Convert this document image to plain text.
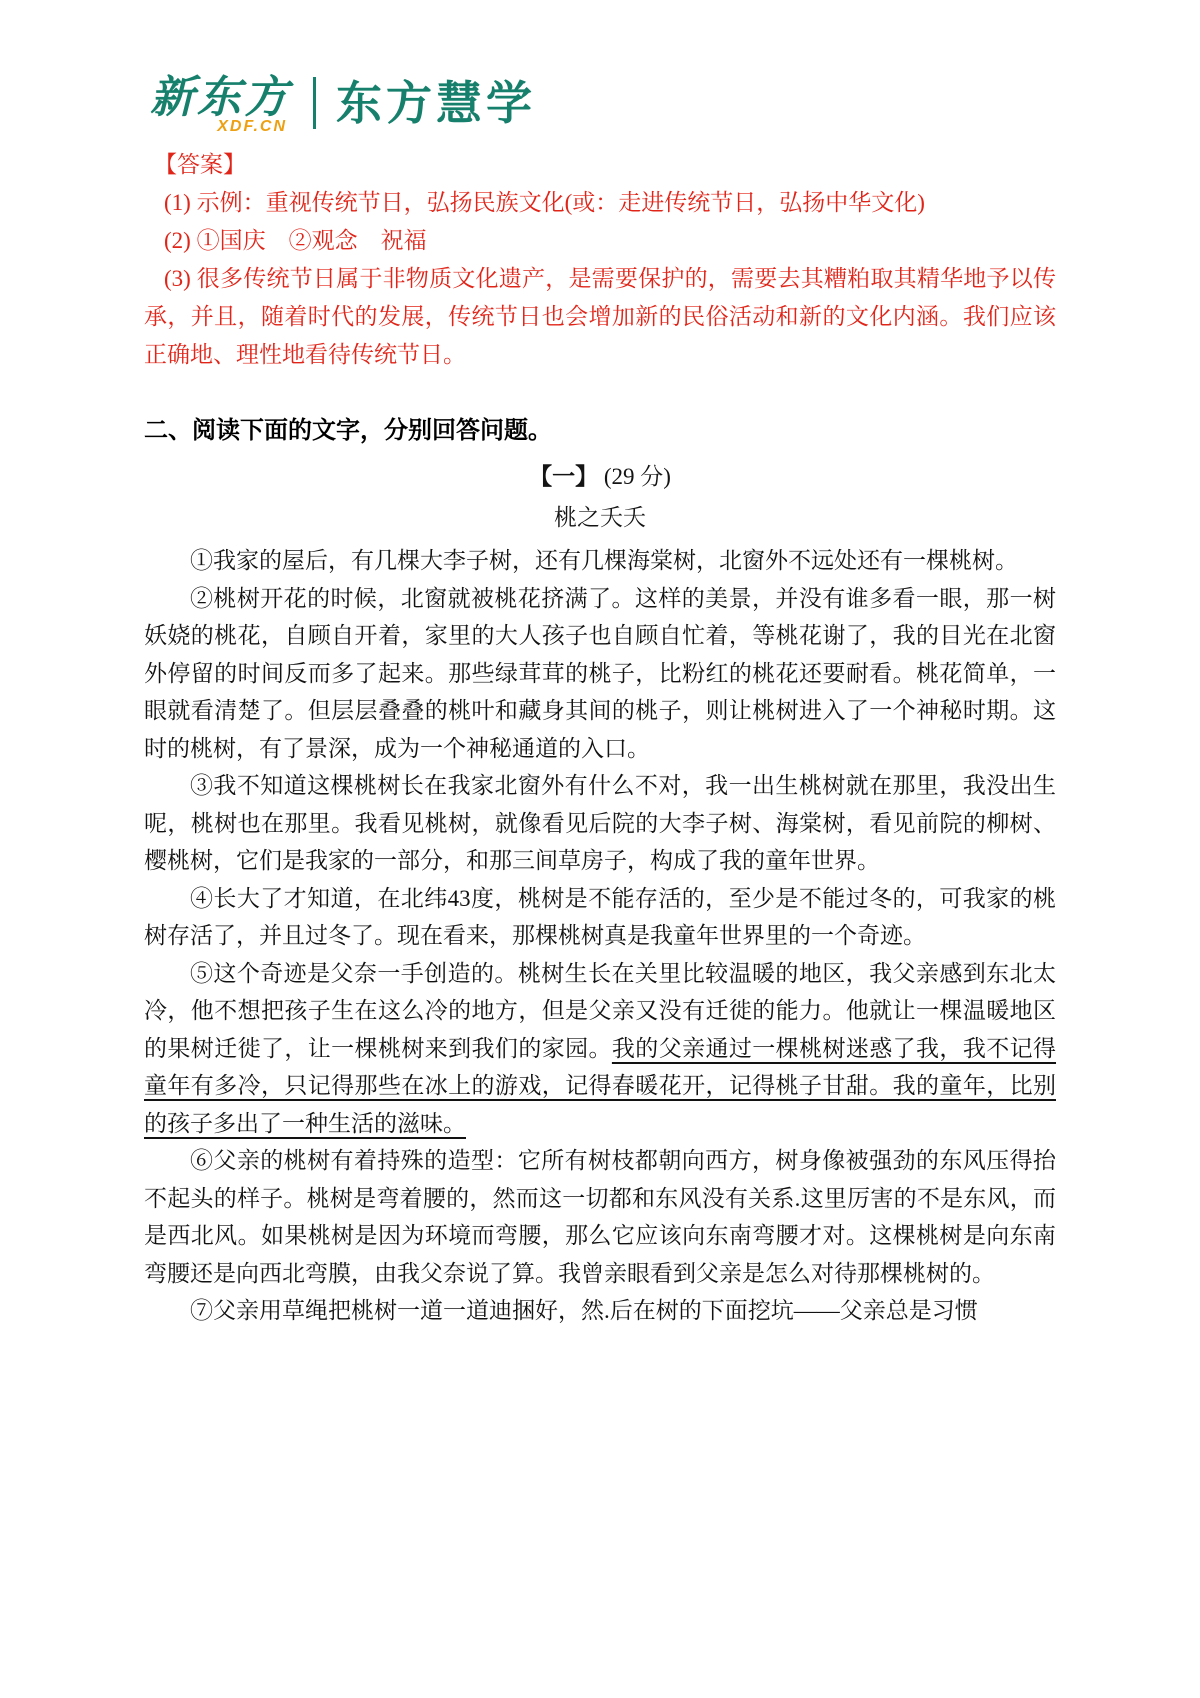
新东方
XDF.CN 东方慧学
【答案】
(1) 示例：重视传统节日，弘扬民族文化(或：走进传统节日，弘扬中华文化)
(2) ①国庆　②观念　祝福
(3) 很多传统节日属于非物质文化遗产，是需要保护的，需要去其糟粕取其精华地予以传承，并且，随着时代的发展，传统节日也会增加新的民俗活动和新的文化内涵。我们应该正确地、理性地看待传统节日。
二、阅读下面的文字，分别回答问题。
【一】 (29 分)
桃之夭夭

①我家的屋后，有几棵大李子树，还有几棵海棠树，北窗外不远处还有一棵桃树。

②桃树开花的时候，北窗就被桃花挤满了。这样的美景，并没有谁多看一眼，那一树妖娆的桃花，自顾自开着，家里的大人孩子也自顾自忙着，等桃花谢了，我的目光在北窗外停留的时间反而多了起来。那些绿茸茸的桃子，比粉红的桃花还要耐看。桃花简单，一眼就看清楚了。但层层叠叠的桃叶和藏身其间的桃子，则让桃树进入了一个神秘时期。这时的桃树，有了景深，成为一个神秘通道的入口。

③我不知道这棵桃树长在我家北窗外有什么不对，我一出生桃树就在那里，我没出生呢，桃树也在那里。我看见桃树，就像看见后院的大李子树、海棠树，看见前院的柳树、樱桃树，它们是我家的一部分，和那三间草房子，构成了我的童年世界。

④长大了才知道，在北纬43度，桃树是不能存活的，至少是不能过冬的，可我家的桃树存活了，并且过冬了。现在看来，那棵桃树真是我童年世界里的一个奇迹。

⑤这个奇迹是父奈一手创造的。桃树生长在关里比较温暖的地区，我父亲感到东北太冷，他不想把孩子生在这么冷的地方，但是父亲又没有迁徙的能力。他就让一棵温暖地区的果树迁徙了，让一棵桃树来到我们的家园。我的父亲通过一棵桃树迷惑了我，我不记得童年有多冷，只记得那些在冰上的游戏，记得春暖花开，记得桃子甘甜。我的童年，比别的孩子多出了一种生活的滋味。

⑥父亲的桃树有着持殊的造型：它所有树枝都朝向西方，树身像被强劲的东风压得抬不起头的样子。桃树是弯着腰的，然而这一切都和东风没有关系.这里厉害的不是东风，而是西北风。如果桃树是因为环境而弯腰，那么它应该向东南弯腰才对。这棵桃树是向东南弯腰还是向西北弯膜，由我父奈说了算。我曾亲眼看到父亲是怎么对待那棵桃树的。

⑦父亲用草绳把桃树一道一道迪捆好，然.后在树的下面挖坑——父亲总是习惯
